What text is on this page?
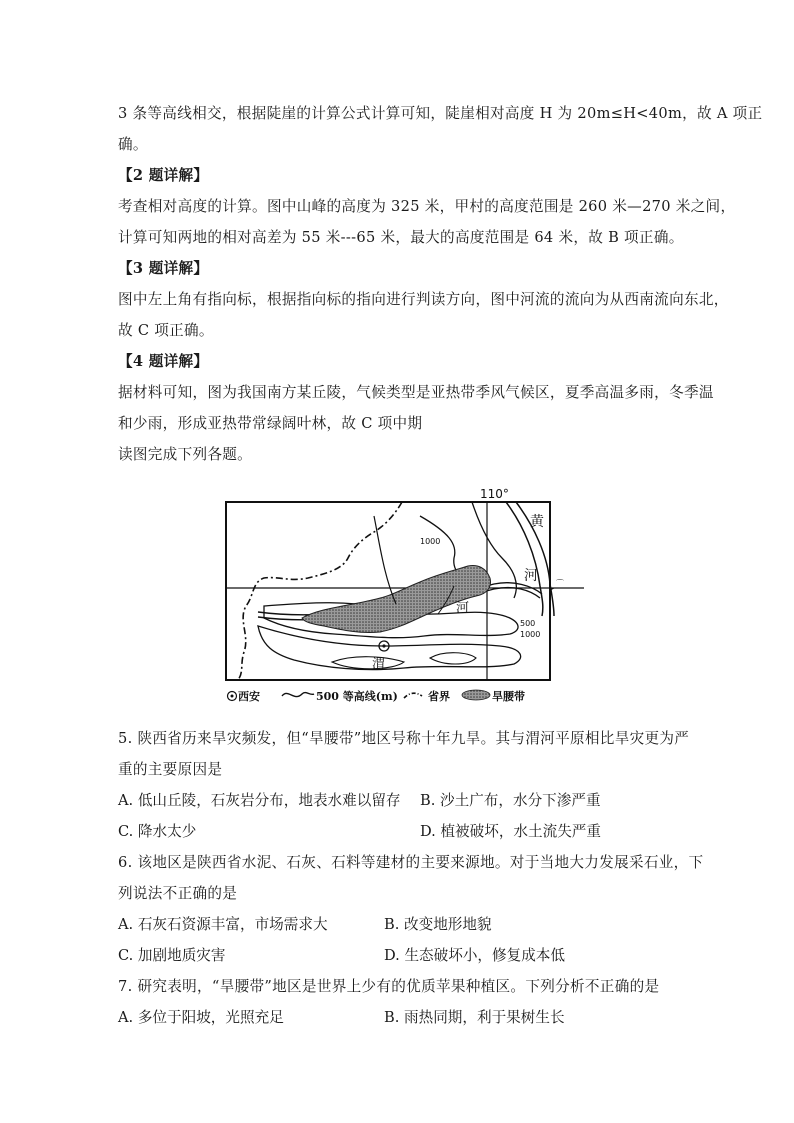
3 条等高线相交，根据陡崖的计算公式计算可知，陡崖相对高度 H 为 20m≤H<40m，故 A 项正
确。
【2 题详解】
考查相对高度的计算。图中山峰的高度为 325 米，甲村的高度范围是 260 米—270 米之间，
计算可知两地的相对高差为 55 米---65 米，最大的高度范围是 64 米，故 B 项正确。
【3 题详解】
图中左上角有指向标，根据指向标的指向进行判读方向，图中河流的流向为从西南流向东北，
故 C 项正确。
【4 题详解】
据材料可知，图为我国南方某丘陵，气候类型是亚热带季风气候区，夏季高温多雨，冬季温
和少雨，形成亚热带常绿阔叶林，故 C 项中期
读图完成下列各题。
110°
⌒
1000
500
1000
黄
河
河
渭
西安	500 等高线(m)	省界	旱腰带
5. 陕西省历来旱灾频发，但“旱腰带”地区号称十年九旱。其与渭河平原相比旱灾更为严
重的主要原因是
A. 低山丘陵，石灰岩分布，地表水难以留存 B. 沙土广布，水分下渗严重
C. 降水太少	D. 植被破坏，水土流失严重
6. 该地区是陕西省水泥、石灰、石料等建材的主要来源地。对于当地大力发展采石业，下
列说法不正确的是
A. 石灰石资源丰富，市场需求大	B. 改变地形地貌
C. 加剧地质灾害	D. 生态破坏小，修复成本低
7. 研究表明，“旱腰带”地区是世界上少有的优质苹果种植区。下列分析不正确的是
A. 多位于阳坡，光照充足	B. 雨热同期，利于果树生长
